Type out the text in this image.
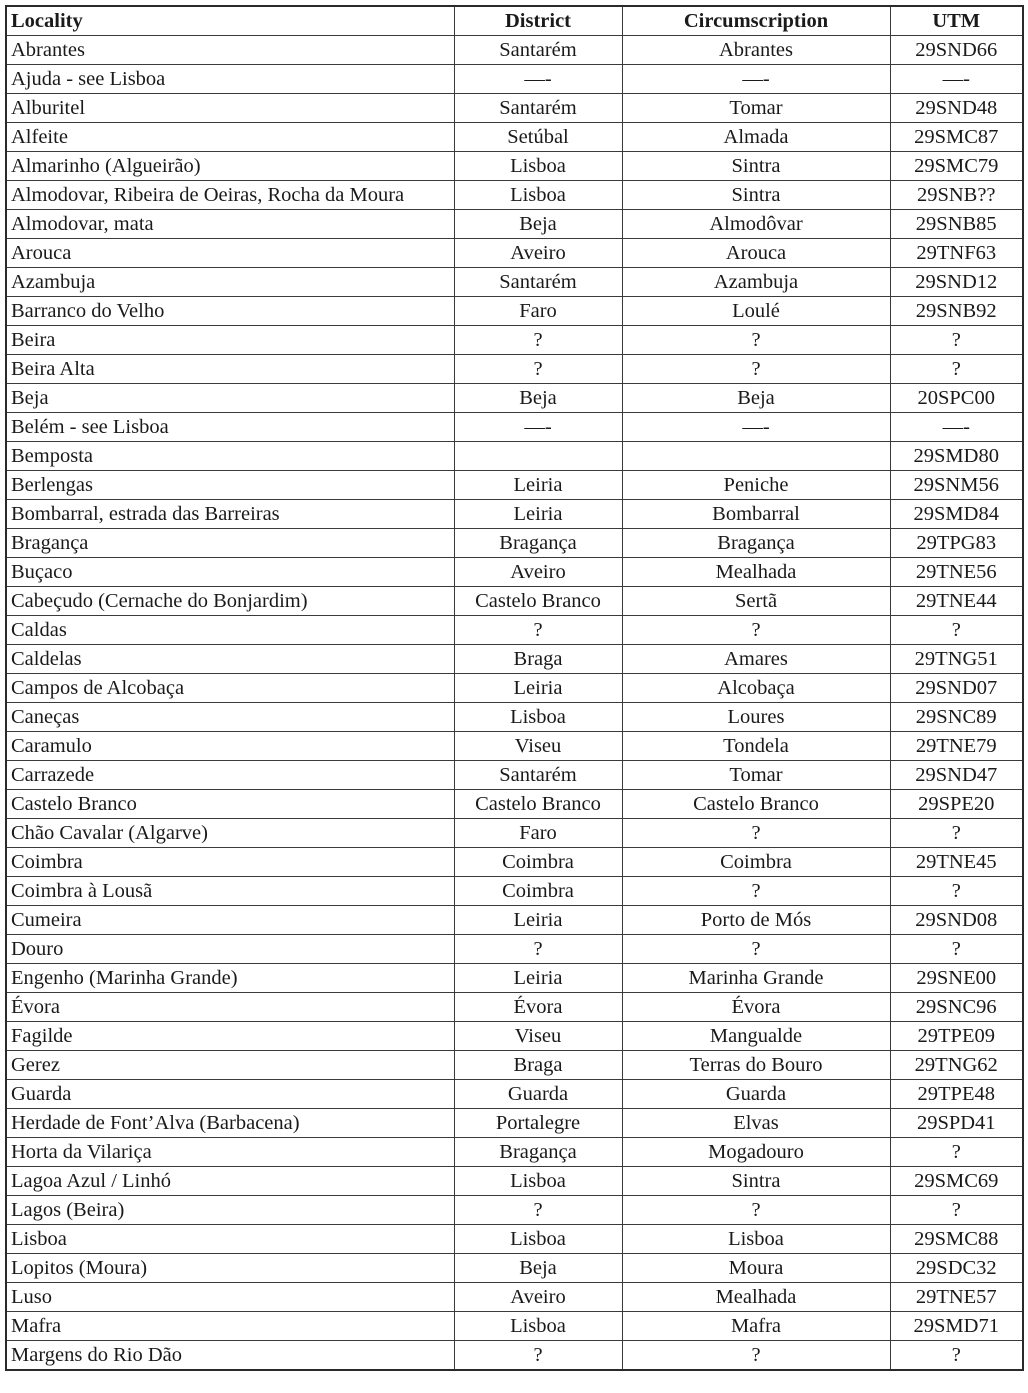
Locality	District	Circumscription	UTM
Abrantes	Santarém	Abrantes	29SND66
Ajuda - see Lisboa	—-	—-	—-
Alburitel	Santarém	Tomar	29SND48
Alfeite	Setúbal	Almada	29SMC87
Almarinho (Algueirão)	Lisboa	Sintra	29SMC79
Almodovar, Ribeira de Oeiras, Rocha da Moura	Lisboa	Sintra	29SNB??
Almodovar, mata	Beja	Almodôvar	29SNB85
Arouca	Aveiro	Arouca	29TNF63
Azambuja	Santarém	Azambuja	29SND12
Barranco do Velho	Faro	Loulé	29SNB92
Beira	?	?	?
Beira Alta	?	?	?
Beja	Beja	Beja	20SPC00
Belém - see Lisboa	—-	—-	—-
Bemposta			29SMD80
Berlengas	Leiria	Peniche	29SNM56
Bombarral, estrada das Barreiras	Leiria	Bombarral	29SMD84
Bragança	Bragança	Bragança	29TPG83
Buçaco	Aveiro	Mealhada	29TNE56
Cabeçudo (Cernache do Bonjardim)	Castelo Branco	Sertã	29TNE44
Caldas	?	?	?
Caldelas	Braga	Amares	29TNG51
Campos de Alcobaça	Leiria	Alcobaça	29SND07
Caneças	Lisboa	Loures	29SNC89
Caramulo	Viseu	Tondela	29TNE79
Carrazede	Santarém	Tomar	29SND47
Castelo Branco	Castelo Branco	Castelo Branco	29SPE20
Chão Cavalar (Algarve)	Faro	?	?
Coimbra	Coimbra	Coimbra	29TNE45
Coimbra à Lousã	Coimbra	?	?
Cumeira	Leiria	Porto de Mós	29SND08
Douro	?	?	?
Engenho (Marinha Grande)	Leiria	Marinha Grande	29SNE00
Évora	Évora	Évora	29SNC96
Fagilde	Viseu	Mangualde	29TPE09
Gerez	Braga	Terras do Bouro	29TNG62
Guarda	Guarda	Guarda	29TPE48
Herdade de Font’Alva (Barbacena)	Portalegre	Elvas	29SPD41
Horta da Vilariça	Bragança	Mogadouro	?
Lagoa Azul / Linhó	Lisboa	Sintra	29SMC69
Lagos (Beira)	?	?	?
Lisboa	Lisboa	Lisboa	29SMC88
Lopitos (Moura)	Beja	Moura	29SDC32
Luso	Aveiro	Mealhada	29TNE57
Mafra	Lisboa	Mafra	29SMD71
Margens do Rio Dão	?	?	?
